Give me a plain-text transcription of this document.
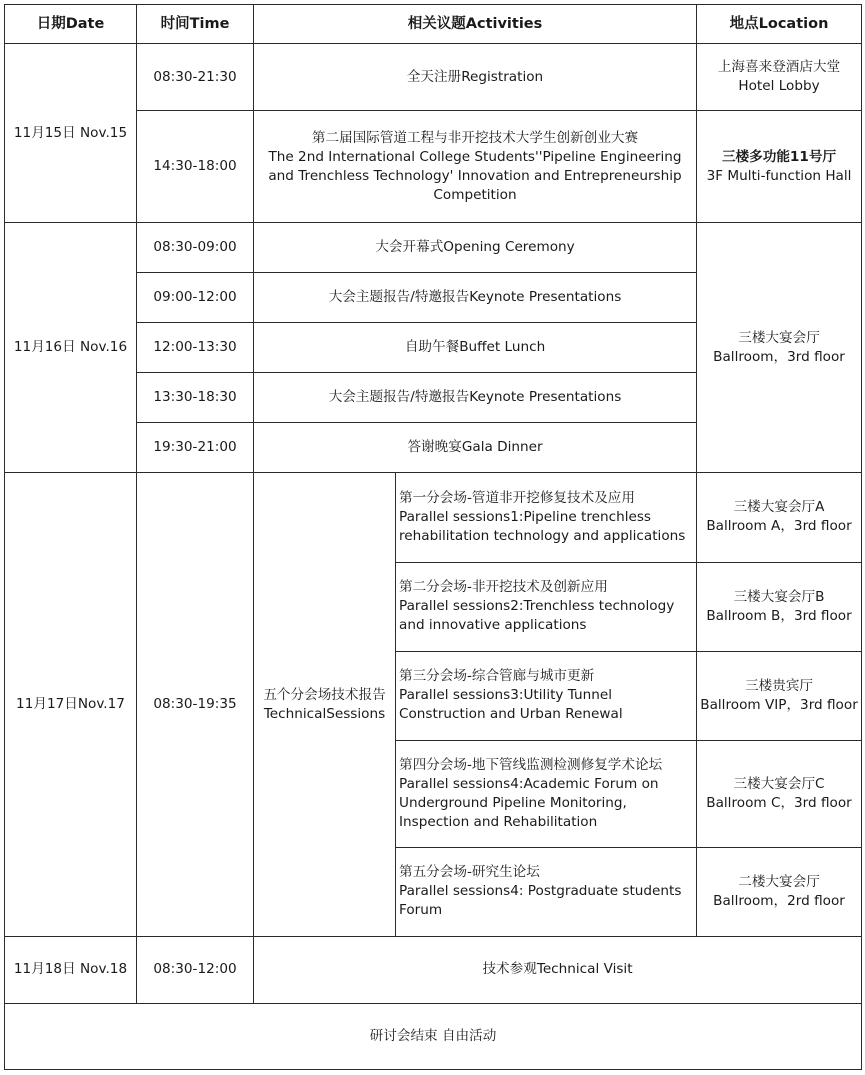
日期Date	时间Time	相关议题Activities		地点Location
11月15日 Nov.15	08:30-21:30	全天注册Registration		上海喜来登酒店大堂
Hotel Lobby

	14:30-18:00	第二届国际管道工程与非开挖技术大学生创新创业大赛
The 2nd International College Students''Pipeline Engineering and Trenchless Technology' Innovation and Entrepreneurship Competition		三楼多功能11号厅
3F Multi-function Hall

11月16日 Nov.16	08:30-09:00	大会开幕式Opening Ceremony		三楼大宴会厅
Ballroom，3rd floor

	09:00-12:00	大会主题报告/特邀报告Keynote Presentations		
	12:00-13:30	自助午餐Buffet Lunch		
	13:30-18:30	大会主题报告/特邀报告Keynote Presentations		
	19:30-21:00	答谢晚宴Gala Dinner		
11月17日Nov.17	08:30-19:35	五个分会场技术报告
TechnicalSessions	第一分会场-管道非开挖修复技术及应用
Parallel sessions1:Pipeline trenchless rehabilitation technology and applications	三楼大宴会厅A
Ballroom A，3rd floor

			第二分会场-非开挖技术及创新应用
Parallel sessions2:Trenchless technology and innovative applications	三楼大宴会厅B
Ballroom B，3rd floor

			第三分会场-综合管廊与城市更新
Parallel sessions3:Utility Tunnel Construction and Urban Renewal	三楼贵宾厅
Ballroom VIP，3rd floor

			第四分会场-地下管线监测检测修复学术论坛
Parallel sessions4:Academic Forum on Underground Pipeline Monitoring, Inspection and Rehabilitation	三楼大宴会厅C
Ballroom C，3rd floor

			第五分会场-研究生论坛
Parallel sessions4: Postgraduate students Forum	二楼大宴会厅
Ballroom，2rd floor

11月18日 Nov.18	08:30-12:00	技术参观Technical Visit		
研讨会结束 自由活动				
